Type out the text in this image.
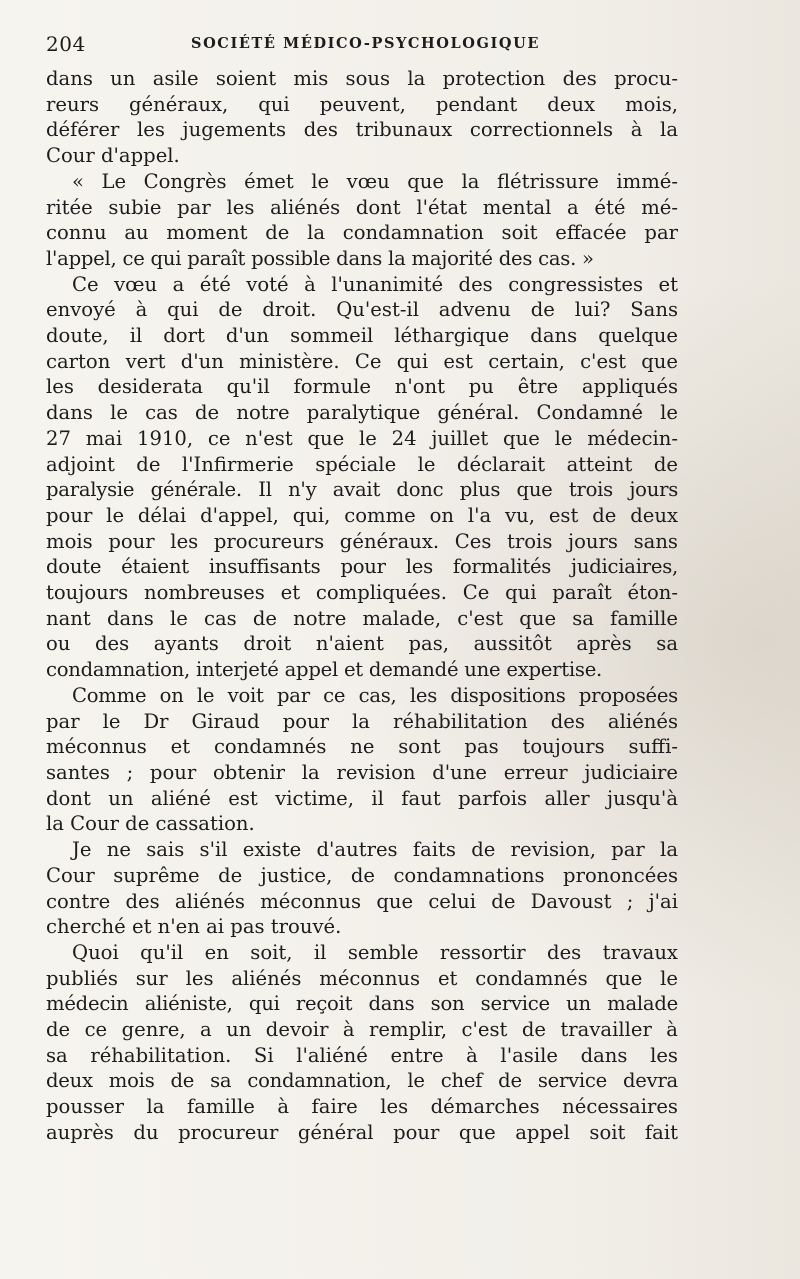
204	SOCIÉTÉ MÉDICO-PSYCHOLOGIQUE

dans un asile soient mis sous la protection des procu-
reurs généraux, qui peuvent, pendant deux mois,
déférer les jugements des tribunaux correctionnels à la
Cour d'appel.

« Le Congrès émet le vœu que la flétrissure immé-
ritée subie par les aliénés dont l'état mental a été mé-
connu au moment de la condamnation soit effacée par
l'appel, ce qui paraît possible dans la majorité des cas. »

Ce vœu a été voté à l'unanimité des congressistes et
envoyé à qui de droit. Qu'est-il advenu de lui? Sans
doute, il dort d'un sommeil léthargique dans quelque
carton vert d'un ministère. Ce qui est certain, c'est que
les desiderata qu'il formule n'ont pu être appliqués
dans le cas de notre paralytique général. Condamné le
27 mai 1910, ce n'est que le 24 juillet que le médecin-
adjoint de l'Infirmerie spéciale le déclarait atteint de
paralysie générale. Il n'y avait donc plus que trois jours
pour le délai d'appel, qui, comme on l'a vu, est de deux
mois pour les procureurs généraux. Ces trois jours sans
doute étaient insuffisants pour les formalités judiciaires,
toujours nombreuses et compliquées. Ce qui paraît éton-
nant dans le cas de notre malade, c'est que sa famille
ou des ayants droit n'aient pas, aussitôt après sa
condamnation, interjeté appel et demandé une expertise.

Comme on le voit par ce cas, les dispositions proposées
par le Dr Giraud pour la réhabilitation des aliénés
méconnus et condamnés ne sont pas toujours suffi-
santes ; pour obtenir la revision d'une erreur judiciaire
dont un aliéné est victime, il faut parfois aller jusqu'à
la Cour de cassation.

Je ne sais s'il existe d'autres faits de revision, par la
Cour suprême de justice, de condamnations prononcées
contre des aliénés méconnus que celui de Davoust ; j'ai
cherché et n'en ai pas trouvé.

Quoi qu'il en soit, il semble ressortir des travaux
publiés sur les aliénés méconnus et condamnés que le
médecin aliéniste, qui reçoit dans son service un malade
de ce genre, a un devoir à remplir, c'est de travailler à
sa réhabilitation. Si l'aliéné entre à l'asile dans les
deux mois de sa condamnation, le chef de service devra
pousser la famille à faire les démarches nécessaires
auprès du procureur général pour que appel soit fait
